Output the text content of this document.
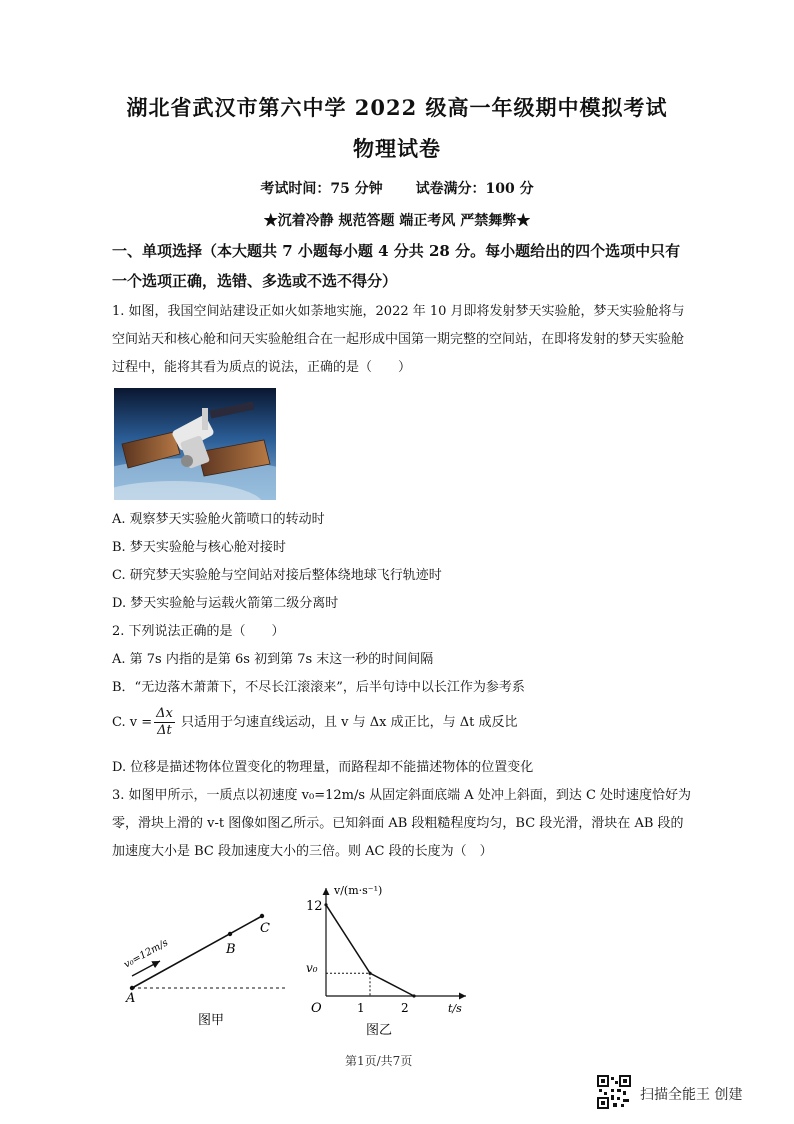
湖北省武汉市第六中学 2022 级高一年级期中模拟考试
物理试卷
考试时间：75 分钟 试卷满分：100 分
★沉着冷静 规范答题 端正考风 严禁舞弊★
一、单项选择（本大题共 7 小题每小题 4 分共 28 分。每小题给出的四个选项中只有一个选项正确，选错、多选或不选不得分）
1. 如图，我国空间站建设正如火如荼地实施，2022 年 10 月即将发射梦天实验舱，梦天实验舱将与空间站天和核心舱和问天实验舱组合在一起形成中国第一期完整的空间站，在即将发射的梦天实验舱过程中，能将其看为质点的说法，正确的是（　　）
A. 观察梦天实验舱火箭喷口的转动时
B. 梦天实验舱与核心舱对接时
C. 研究梦天实验舱与空间站对接后整体绕地球飞行轨迹时
D. 梦天实验舱与运载火箭第二级分离时
2. 下列说法正确的是（　　）
A. 第 7s 内指的是第 6s 初到第 7s 末这一秒的时间间隔
B．“无边落木萧萧下，不尽长江滚滚来”，后半句诗中以长江作为参考系
C. $v = \frac{\Delta x}{\Delta t}$ 只适用于匀速直线运动，且 v 与 Δx 成正比，与 Δt 成反比
D. 位移是描述物体位置变化的物理量，而路程却不能描述物体的位置变化
3. 如图甲所示，一质点以初速度 v₀=12m/s 从固定斜面底端 A 处冲上斜面，到达 C 处时速度恰好为零，滑块上滑的 v-t 图像如图乙所示。已知斜面 AB 段粗糙程度均匀，BC 段光滑，滑块在 AB 段的加速度大小是 BC 段加速度大小的三倍。则 AC 段的长度为（　）
v₀=12m/s
A
B
C
图甲
v/(m·s⁻¹)
t/s
O
12
v₀
1	2
图乙
第1页/共7页
扫描全能王 创建
